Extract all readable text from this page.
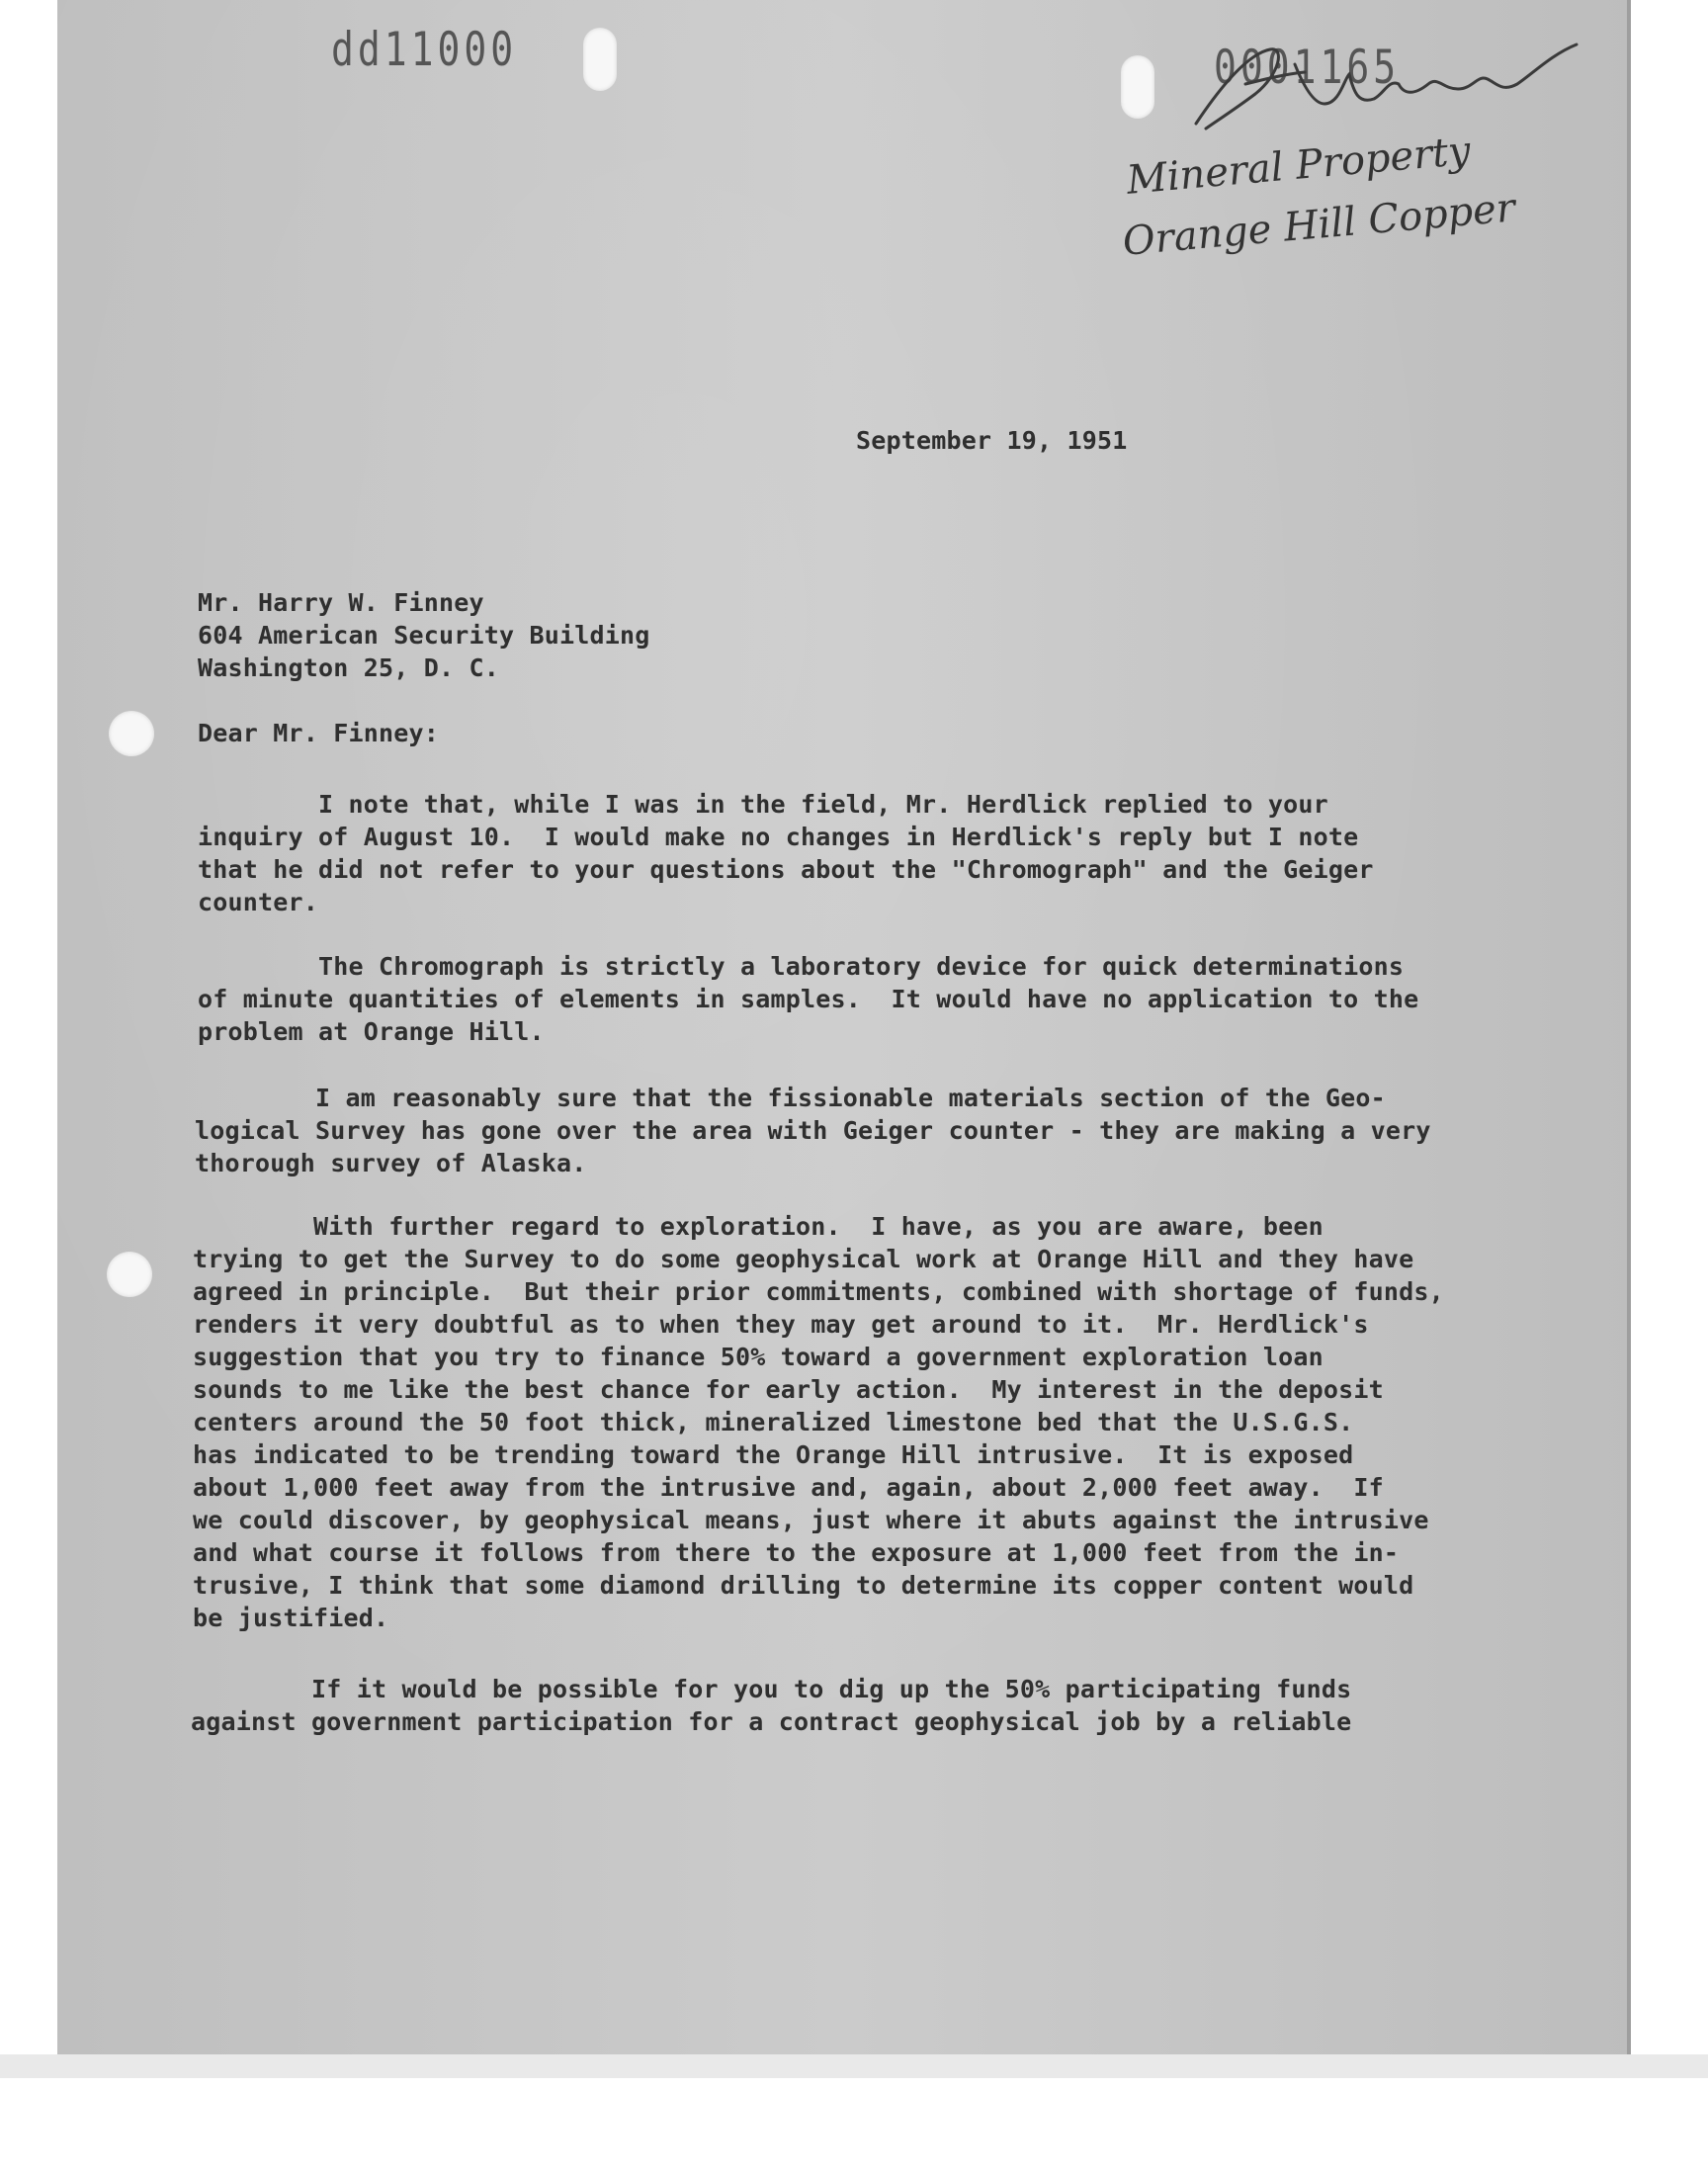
dd11000	0001165
Mineral Property
Orange Hill Copper
September 19, 1951
Mr. Harry W. Finney
604 American Security Building
Washington 25, D. C.
Dear Mr. Finney:
I note that, while I was in the field, Mr. Herdlick replied to your
inquiry of August 10.  I would make no changes in Herdlick's reply but I note
that he did not refer to your questions about the "Chromograph" and the Geiger
counter.
The Chromograph is strictly a laboratory device for quick determinations
of minute quantities of elements in samples.  It would have no application to the
problem at Orange Hill.
I am reasonably sure that the fissionable materials section of the Geo-
logical Survey has gone over the area with Geiger counter - they are making a very
thorough survey of Alaska.
With further regard to exploration.  I have, as you are aware, been
trying to get the Survey to do some geophysical work at Orange Hill and they have
agreed in principle.  But their prior commitments, combined with shortage of funds,
renders it very doubtful as to when they may get around to it.  Mr. Herdlick's
suggestion that you try to finance 50% toward a government exploration loan
sounds to me like the best chance for early action.  My interest in the deposit
centers around the 50 foot thick, mineralized limestone bed that the U.S.G.S.
has indicated to be trending toward the Orange Hill intrusive.  It is exposed
about 1,000 feet away from the intrusive and, again, about 2,000 feet away.  If
we could discover, by geophysical means, just where it abuts against the intrusive
and what course it follows from there to the exposure at 1,000 feet from the in-
trusive, I think that some diamond drilling to determine its copper content would
be justified.
If it would be possible for you to dig up the 50% participating funds
against government participation for a contract geophysical job by a reliable
